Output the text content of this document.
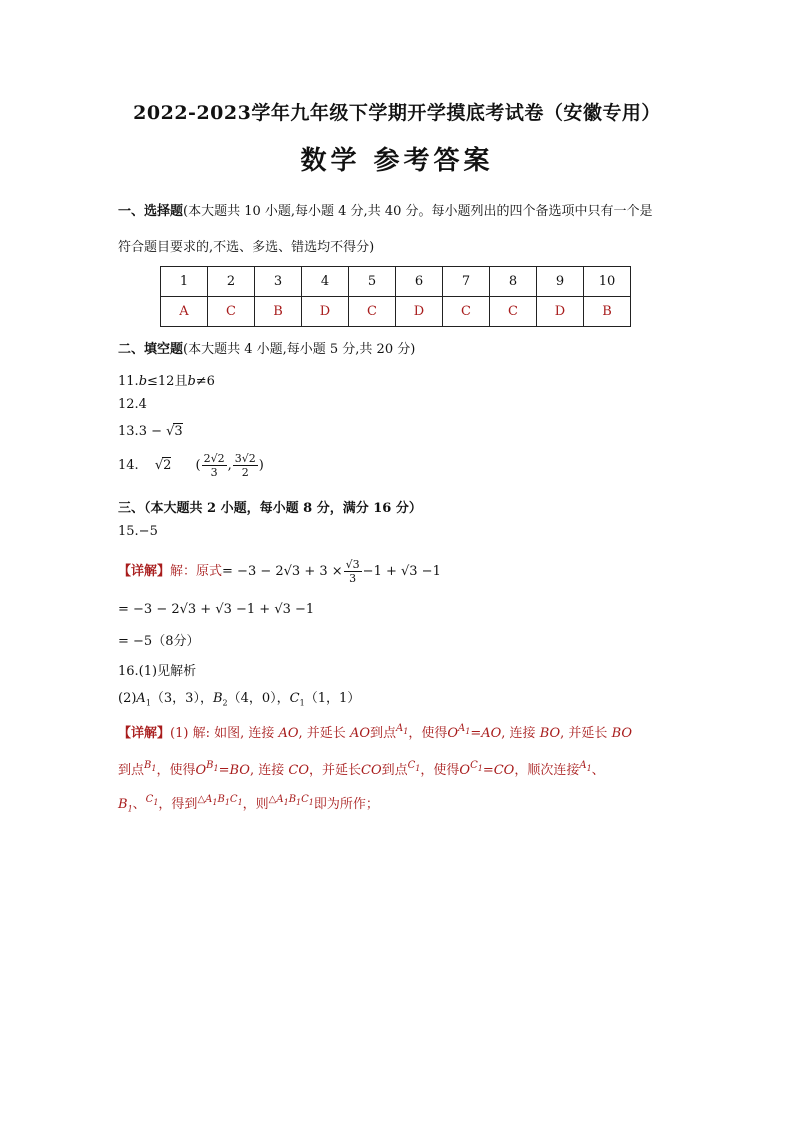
2022-2023学年九年级下学期开学摸底考试卷（安徽专用）
数学 参考答案
一、选择题(本大题共 10 小题,每小题 4 分,共 40 分。每小题列出的四个备选项中只有一个是
符合题目要求的,不选、多选、错选均不得分)
1	2	3	4	5	6	7	8	9	10
A	C	B	D	C	D	C	C	D	B
二、填空题(本大题共 4 小题,每小题 5 分,共 20 分)
11.b≤12且b≠6
12.4
13.3 − √3
14. √2 ( $\frac{2√2}{3}$ , $\frac{3√2}{2}$ )
三、（本大题共 2 小题，每小题 8 分，满分 16 分）
15.−5
【详解】解：原式= $-3 - 2√3 + 3 \times \frac{√3}{3} -1 + √3 -1$
= −3 − 2√3 + √3 −1 + √3 −1
= −5（8分）
16.(1)见解析
$(2)A_1(3$，3），$B_2(4$，0），$C_1(1$，1）
【详解】(1) 解: 如图, 连接 AO, 并延长 AO到点$^{A_1}$，使得$O^{A_1}=AO$, 连接 BO, 并延长 BO
到点$^{B_1}$，使得$O^{B_1}=BO$, 连接 CO，并延长CO到点$^{C_1}$，使得$O^{C_1}=CO$，顺次连接$^{A_1}$、
$B_1$、$^{C_1}$，得到$^{\triangle A_1B_1C_1}$，则$^{\triangle A_1B_1C_1}$即为所作；
